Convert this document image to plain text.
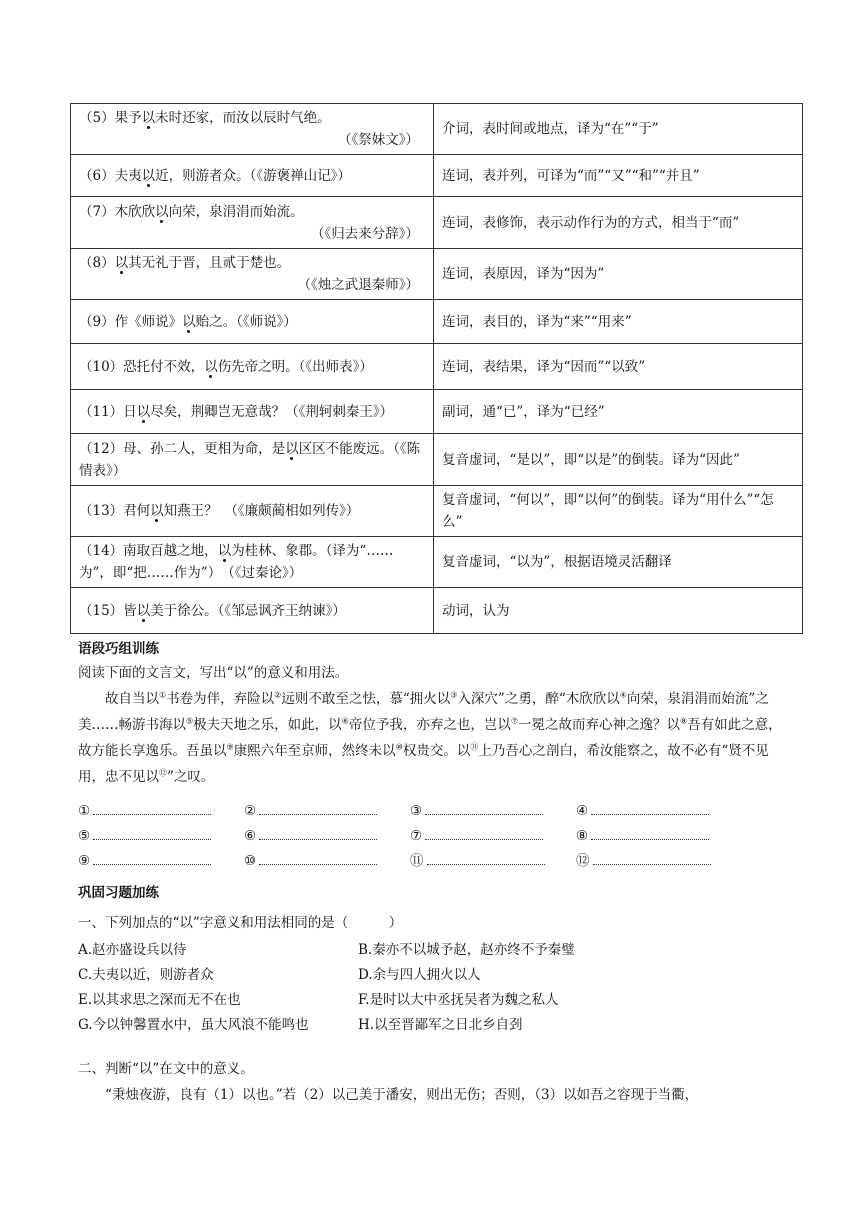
（5）果予以未时还家，而汝以辰时气绝。
（《祭妹文》）	介词，表时间或地点，译为“在”“于”

（6）夫夷以近，则游者众。（《游褒禅山记》）	连词，表并列，可译为“而”“又”“和”“并且”

（7）木欣欣以向荣，泉涓涓而始流。
（《归去来兮辞》）	连词，表修饰，表示动作行为的方式，相当于“而”

（8）以其无礼于晋，且贰于楚也。
（《烛之武退秦师》）	连词，表原因，译为“因为”

（9）作《师说》以贻之。（《师说》）	连词，表目的，译为“来”“用来”

（10）恐托付不效，以伤先帝之明。（《出师表》）	连词，表结果，译为“因而”“以致”

（11）日以尽矣，荆卿岂无意哉？（《荆轲刺秦王》）	副词，通“已”，译为“已经”

（12）母、孙二人，更相为命，是以区区不能废远。（《陈情表》）	复音虚词，“是以”，即“以是”的倒装。译为“因此”

（13）君何以知燕王？　（《廉颇蔺相如列传》）	复音虚词，“何以”，即“以何”的倒装。译为“用什么”“怎么”

（14）南取百越之地，以为桂林、象郡。（译为“……为”，即“把……作为”）　（《过秦论》）	复音虚词，“以为”，根据语境灵活翻译

（15）皆以美于徐公。（《邹忌讽齐王纳谏》）	动词，认为
语段巧组训练
阅读下面的文言文，写出“以”的意义和用法。
故自当以①书卷为伴，弃险以②远则不敢至之怯，慕“拥火以③入深穴”之勇，醉“木欣欣以④向荣，泉涓涓而始流”之美……畅游书海以⑤极夫天地之乐，如此，以⑥帝位予我，亦弃之也，岂以⑦一冕之故而弃心神之逸？以⑧吾有如此之意，故方能长享逸乐。吾虽以⑨康熙六年至京师，然终未以⑩权贵交。以⑪上乃吾心之剖白，希汝能察之，故不必有“贤不见用，忠不见以⑫”之叹。
①	②	③	④
⑤	⑥	⑦	⑧
⑨	⑩	⑪	⑫
巩固习题加练
一、下列加点的“以”字意义和用法相同的是（　　　）
A.赵亦盛设兵以待	B.秦亦不以城予赵，赵亦终不予秦璧
C.夫夷以近，则游者众	D.余与四人拥火以人
E.以其求思之深而无不在也	F.是时以大中丞抚吴者为魏之私人
G.今以钟馨置水中，虽大风浪不能鸣也	H.以至晋鄙军之日北乡自刭
二、判断“以”在文中的意义。
“秉烛夜游，良有（1）以也。”若（2）以己美于潘安，则出无伤；否则，（3）以如吾之容现于当衢，
